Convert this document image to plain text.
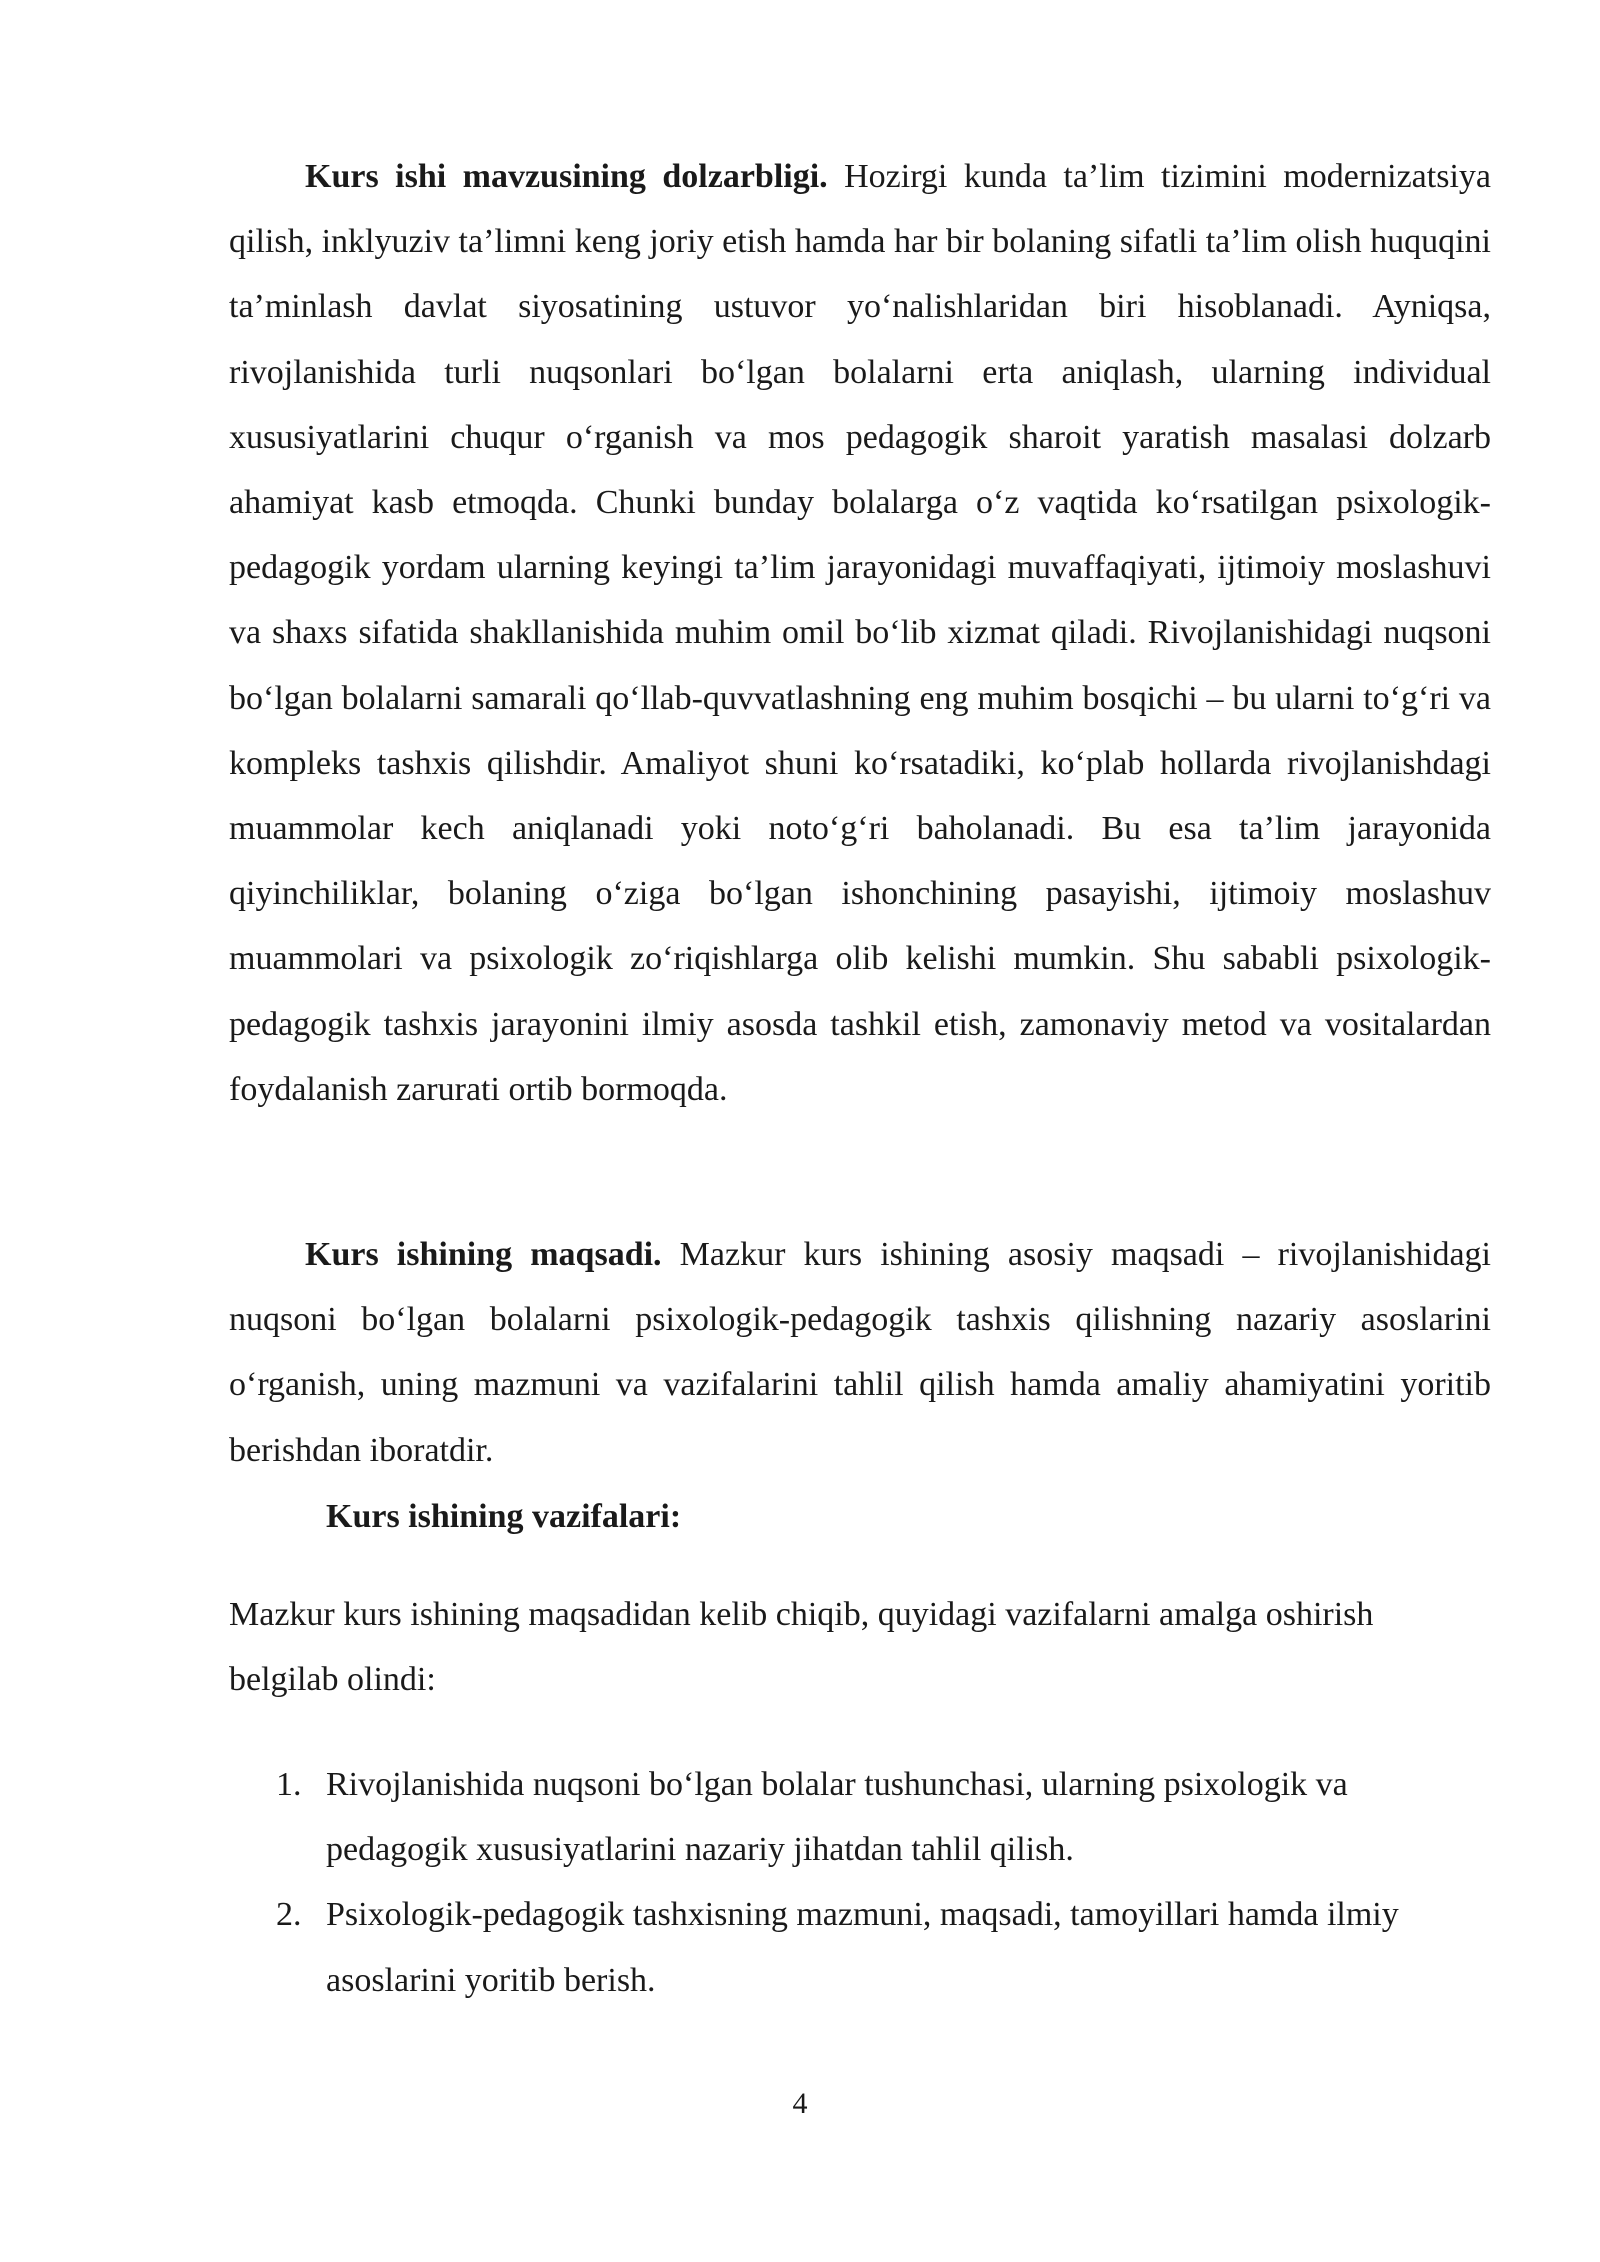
Kurs ishi mavzusining dolzarbligi. Hozirgi kunda ta’lim tizimini modernizatsiya qilish, inklyuziv ta’limni keng joriy etish hamda har bir bolaning sifatli ta’lim olish huquqini ta’minlash davlat siyosatining ustuvor yo‘nalishlaridan biri hisoblanadi. Ayniqsa, rivojlanishida turli nuqsonlari bo‘lgan bolalarni erta aniqlash, ularning individual xususiyatlarini chuqur o‘rganish va mos pedagogik sharoit yaratish masalasi dolzarb ahamiyat kasb etmoqda. Chunki bunday bolalarga o‘z vaqtida ko‘rsatilgan psixologik-pedagogik yordam ularning keyingi ta’lim jarayonidagi muvaffaqiyati, ijtimoiy moslashuvi va shaxs sifatida shakllanishida muhim omil bo‘lib xizmat qiladi. Rivojlanishidagi nuqsoni bo‘lgan bolalarni samarali qo‘llab-quvvatlashning eng muhim bosqichi – bu ularni to‘g‘ri va kompleks tashxis qilishdir. Amaliyot shuni ko‘rsatadiki, ko‘plab hollarda rivojlanishdagi muammolar kech aniqlanadi yoki noto‘g‘ri baholanadi. Bu esa ta’lim jarayonida qiyinchiliklar, bolaning o‘ziga bo‘lgan ishonchining pasayishi, ijtimoiy moslashuv muammolari va psixologik zo‘riqishlarga olib kelishi mumkin. Shu sababli psixologik-pedagogik tashxis jarayonini ilmiy asosda tashkil etish, zamonaviy metod va vositalardan foydalanish zarurati ortib bormoqda.

Kurs ishining maqsadi. Mazkur kurs ishining asosiy maqsadi – rivojlanishidagi nuqsoni bo‘lgan bolalarni psixologik-pedagogik tashxis qilishning nazariy asoslarini o‘rganish, uning mazmuni va vazifalarini tahlil qilish hamda amaliy ahamiyatini yoritib berishdan iboratdir.

Kurs ishining vazifalari:

Mazkur kurs ishining maqsadidan kelib chiqib, quyidagi vazifalarni amalga oshirish belgilab olindi:

1. Rivojlanishida nuqsoni bo‘lgan bolalar tushunchasi, ularning psixologik va pedagogik xususiyatlarini nazariy jihatdan tahlil qilish.
2. Psixologik-pedagogik tashxisning mazmuni, maqsadi, tamoyillari hamda ilmiy asoslarini yoritib berish.
4
